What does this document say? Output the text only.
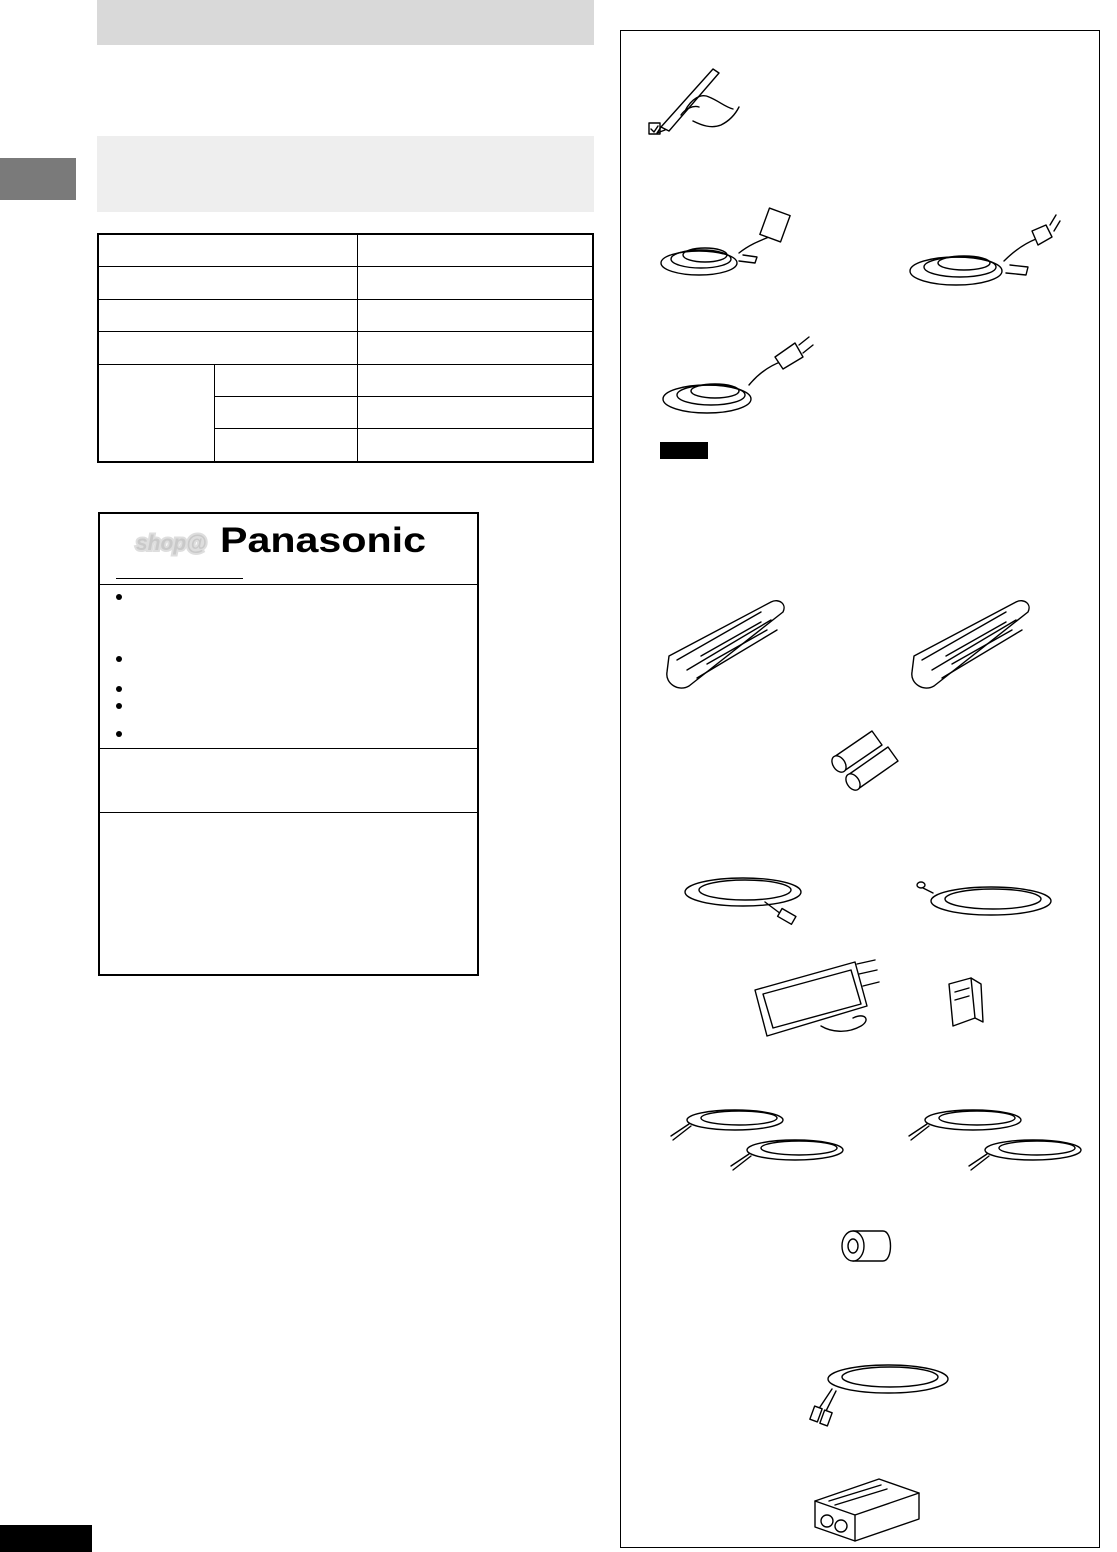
shop@ Panasonic
